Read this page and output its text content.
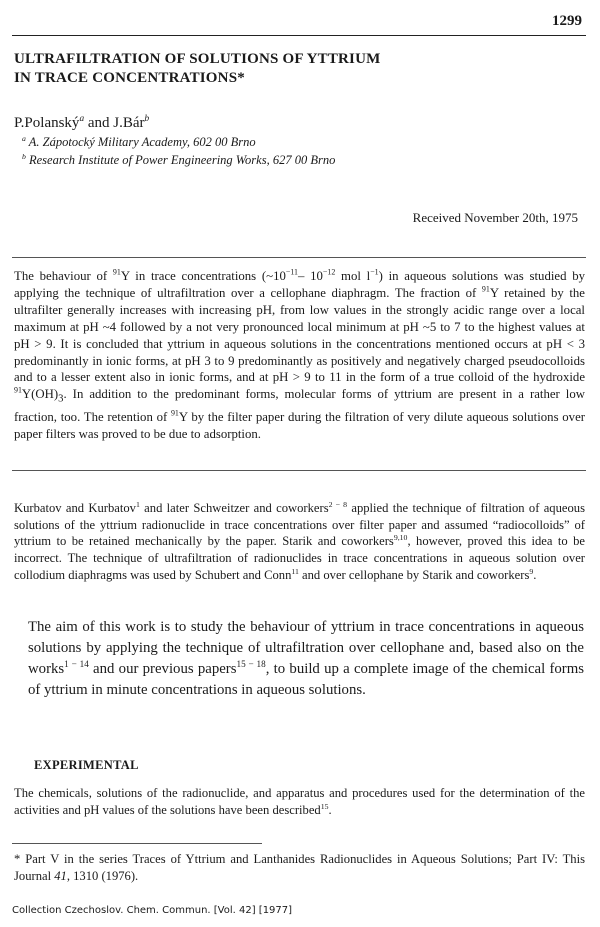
1299
ULTRAFILTRATION OF SOLUTIONS OF YTTRIUM
IN TRACE CONCENTRATIONS*
P.Polanský$^a$ and J.Bár$^b$
$^a$ A. Zápotocký Military Academy, 602 00 Brno
$^b$ Research Institute of Power Engineering Works, 627 00 Brno
Received November 20th, 1975
The behaviour of $^{91}$Y in trace concentrations ($\sim 10^{-11}-$ $10^{-12}$ mol $l^{-1}$) in aqueous solutions was studied by applying the technique of ultrafiltration over a cellophane diaphragm. The fraction of $^{91}$Y retained by the ultrafilter generally increases with increasing pH, from low values in the strongly acidic range over a local maximum at pH ~4 followed by a not very pronounced local minimum at pH ~5 to 7 to the highest values at pH > 9. It is concluded that yttrium in aqueous solutions in the concentrations mentioned occurs at pH < 3 predominantly in ionic forms, at pH 3 to 9 predominantly as positively and negatively charged pseudocolloids and to a lesser extent also in ionic forms, and at pH > 9 to 11 in the form of a true colloid of the hydroxide $^{91}Y(OH)_3$. In addition to the predominant forms, molecular forms of yttrium are present in a rather low fraction, too. The retention of $^{91}$Y by the filter paper during the filtration of very dilute aqueous solutions over paper filters was proved to be due to adsorption.
Kurbatov and Kurbatov$^1$ and later Schweitzer and coworkers$^{2 - 8}$ applied the technique of filtration of aqueous solutions of the yttrium radionuclide in trace concentrations over filter paper and assumed “radiocolloids” of yttrium to be retained mechanically by the paper. Starik and coworkers$^{9,10}$, however, proved this idea to be incorrect. The technique of ultrafiltration of radionuclides in trace concentrations in aqueous solution over collodium diaphragms was used by Schubert and Conn$^{11}$ and over cellophane by Starik and coworkers$^9$.
The aim of this work is to study the behaviour of yttrium in trace concentrations in aqueous solutions by applying the technique of ultrafiltration over cellophane and, based also on the works$^{1 - 14}$ and our previous papers$^{15 - 18}$, to build up a complete image of the chemical forms of yttrium in minute concentrations in aqueous solutions.
EXPERIMENTAL
The chemicals, solutions of the radionuclide, and apparatus and procedures used for the determination of the activities and pH values of the solutions have been described$^{15}$.
* Part V in the series Traces of Yttrium and Lanthanides Radionuclides in Aqueous Solutions; Part IV: This Journal 41, 1310 (1976).
Collection Czechoslov. Chem. Commun. [Vol. 42] [1977]
